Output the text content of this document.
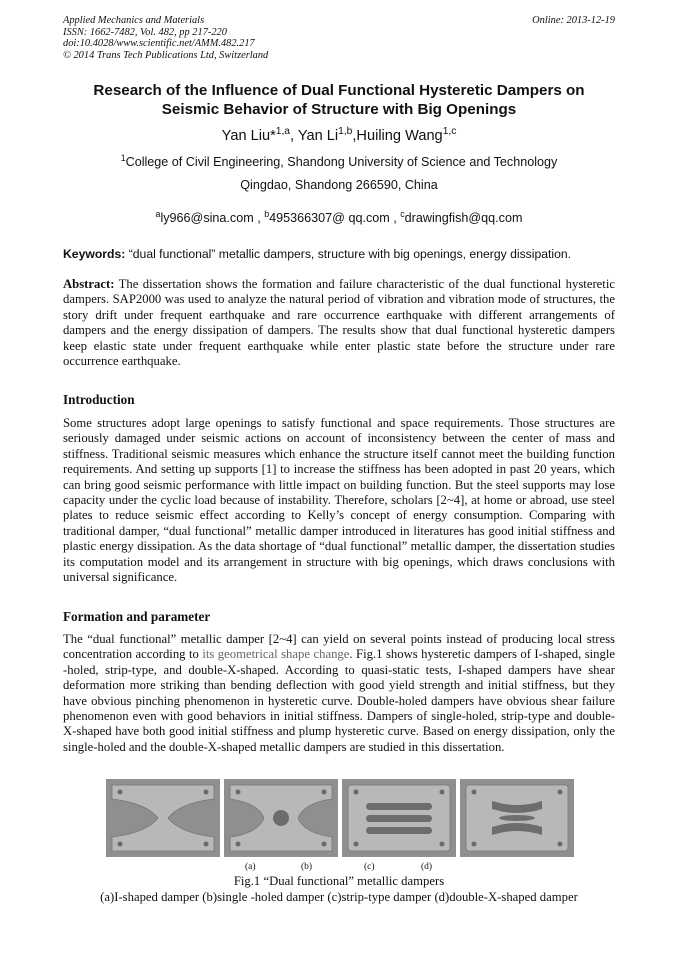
Applied Mechanics and Materials
ISSN: 1662-7482, Vol. 482, pp 217-220
doi:10.4028/www.scientific.net/AMM.482.217
© 2014 Trans Tech Publications Ltd, Switzerland
Online: 2013-12-19
Research of the Influence of Dual Functional Hysteretic Dampers on
Seismic Behavior of Structure with Big Openings
Yan Liu*$^{1,a}$, Yan Li$^{1,b}$,Huiling Wang$^{1,c}$
$^1$College of Civil Engineering, Shandong University of Science and Technology
Qingdao, Shandong 266590, China
$^a$ly966@sina.com , $^b$495366307@ qq.com , $^c$drawingfish@qq.com
Keywords: “dual functional” metallic dampers, structure with big openings, energy dissipation.

Abstract: The dissertation shows the formation and failure characteristic of the dual functional hysteretic dampers. SAP2000 was used to analyze the natural period of vibration and vibration mode of structures, the story drift under frequent earthquake and rare occurrence earthquake with different arrangements of dampers and the energy dissipation of dampers. The results show that dual functional hysteretic dampers keep elastic state under frequent earthquake while enter plastic state before the structure under rare occurrence earthquake.

Introduction

Some structures adopt large openings to satisfy functional and space requirements. Those structures are seriously damaged under seismic actions on account of inconsistency between the center of mass and stiffness. Traditional seismic measures which enhance the structure itself cannot meet the building function requirements. And setting up supports [1] to increase the stiffness has been adopted in past 20 years, which can bring good seismic performance with little impact on building function. But the steel supports may lose capacity under the cyclic load because of instability. Therefore, scholars [2~4], at home or abroad, use steel plates to reduce seismic effect according to Kelly’s concept of energy consumption. Comparing with traditional damper, “dual functional” metallic damper introduced in literatures has good initial stiffness and plastic energy dissipation. As the data shortage of “dual functional” metallic damper, the dissertation studies its computation model and its arrangement in structure with big openings, which draws conclusions with universal significance.

Formation and parameter

The “dual functional” metallic damper [2~4] can yield on several points instead of producing local stress concentration according to its geometrical shape change. Fig.1 shows hysteretic dampers of I-shaped, single -holed, strip-type, and double-X-shaped. According to quasi-static tests, I-shaped dampers have shear deformation more striking than bending deflection with good yield strength and initial stiffness, but they have obvious pinching phenomenon in hysteretic curve. Double-holed dampers have obvious shear failure phenomenon even with good behaviors in initial stiffness. Dampers of single-holed, strip-type and double-X-shaped have both good initial stiffness and plump hysteretic curve. Based on energy dissipation, only the single-holed and the double-X-shaped metallic dampers are studied in this dissertation.

(a)	(b)	(c)	(d)
Fig.1 “Dual functional” metallic dampers
(a)I-shaped damper (b)single -holed damper (c)strip-type damper (d)double-X-shaped damper
